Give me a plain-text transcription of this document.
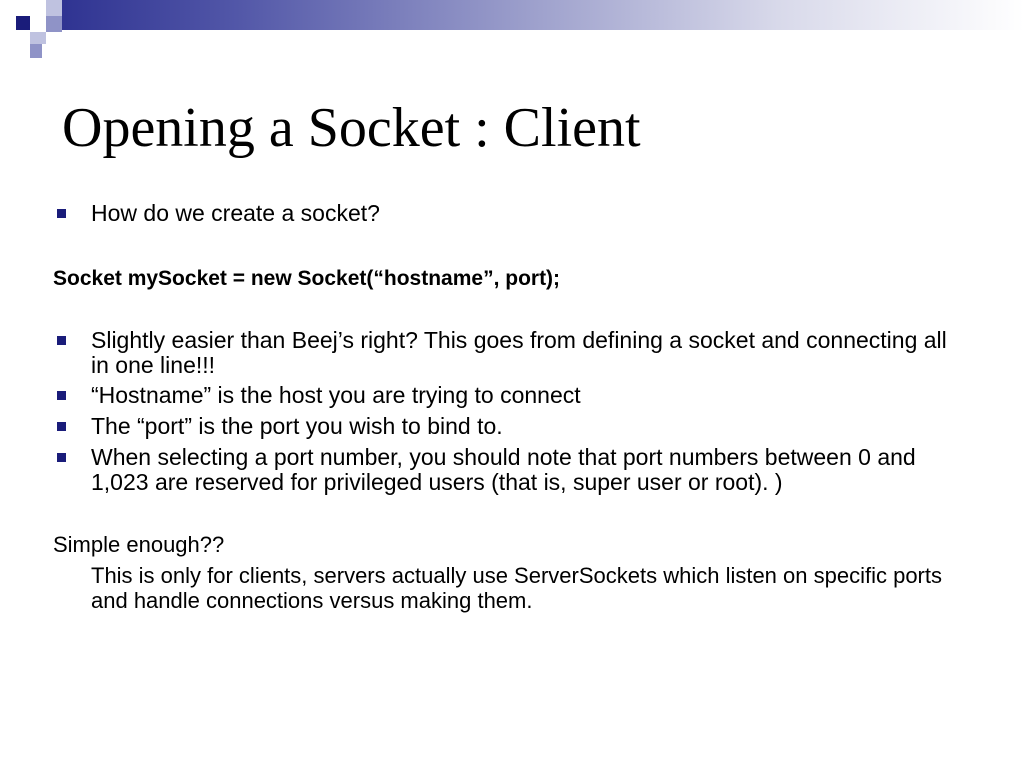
Opening a Socket : Client
How do we create a socket?
Socket mySocket = new Socket(“hostname”, port);
Slightly easier than Beej’s right? This goes from defining a socket and connecting all in one line!!!
“Hostname” is the host you are trying to connect
The “port” is the port you wish to bind to.
When selecting a port number, you should note that port numbers between 0 and 1,023 are reserved for privileged users (that is, super user or root). )
Simple enough??
This is only for clients, servers actually use ServerSockets which listen on specific ports and handle connections versus making them.
